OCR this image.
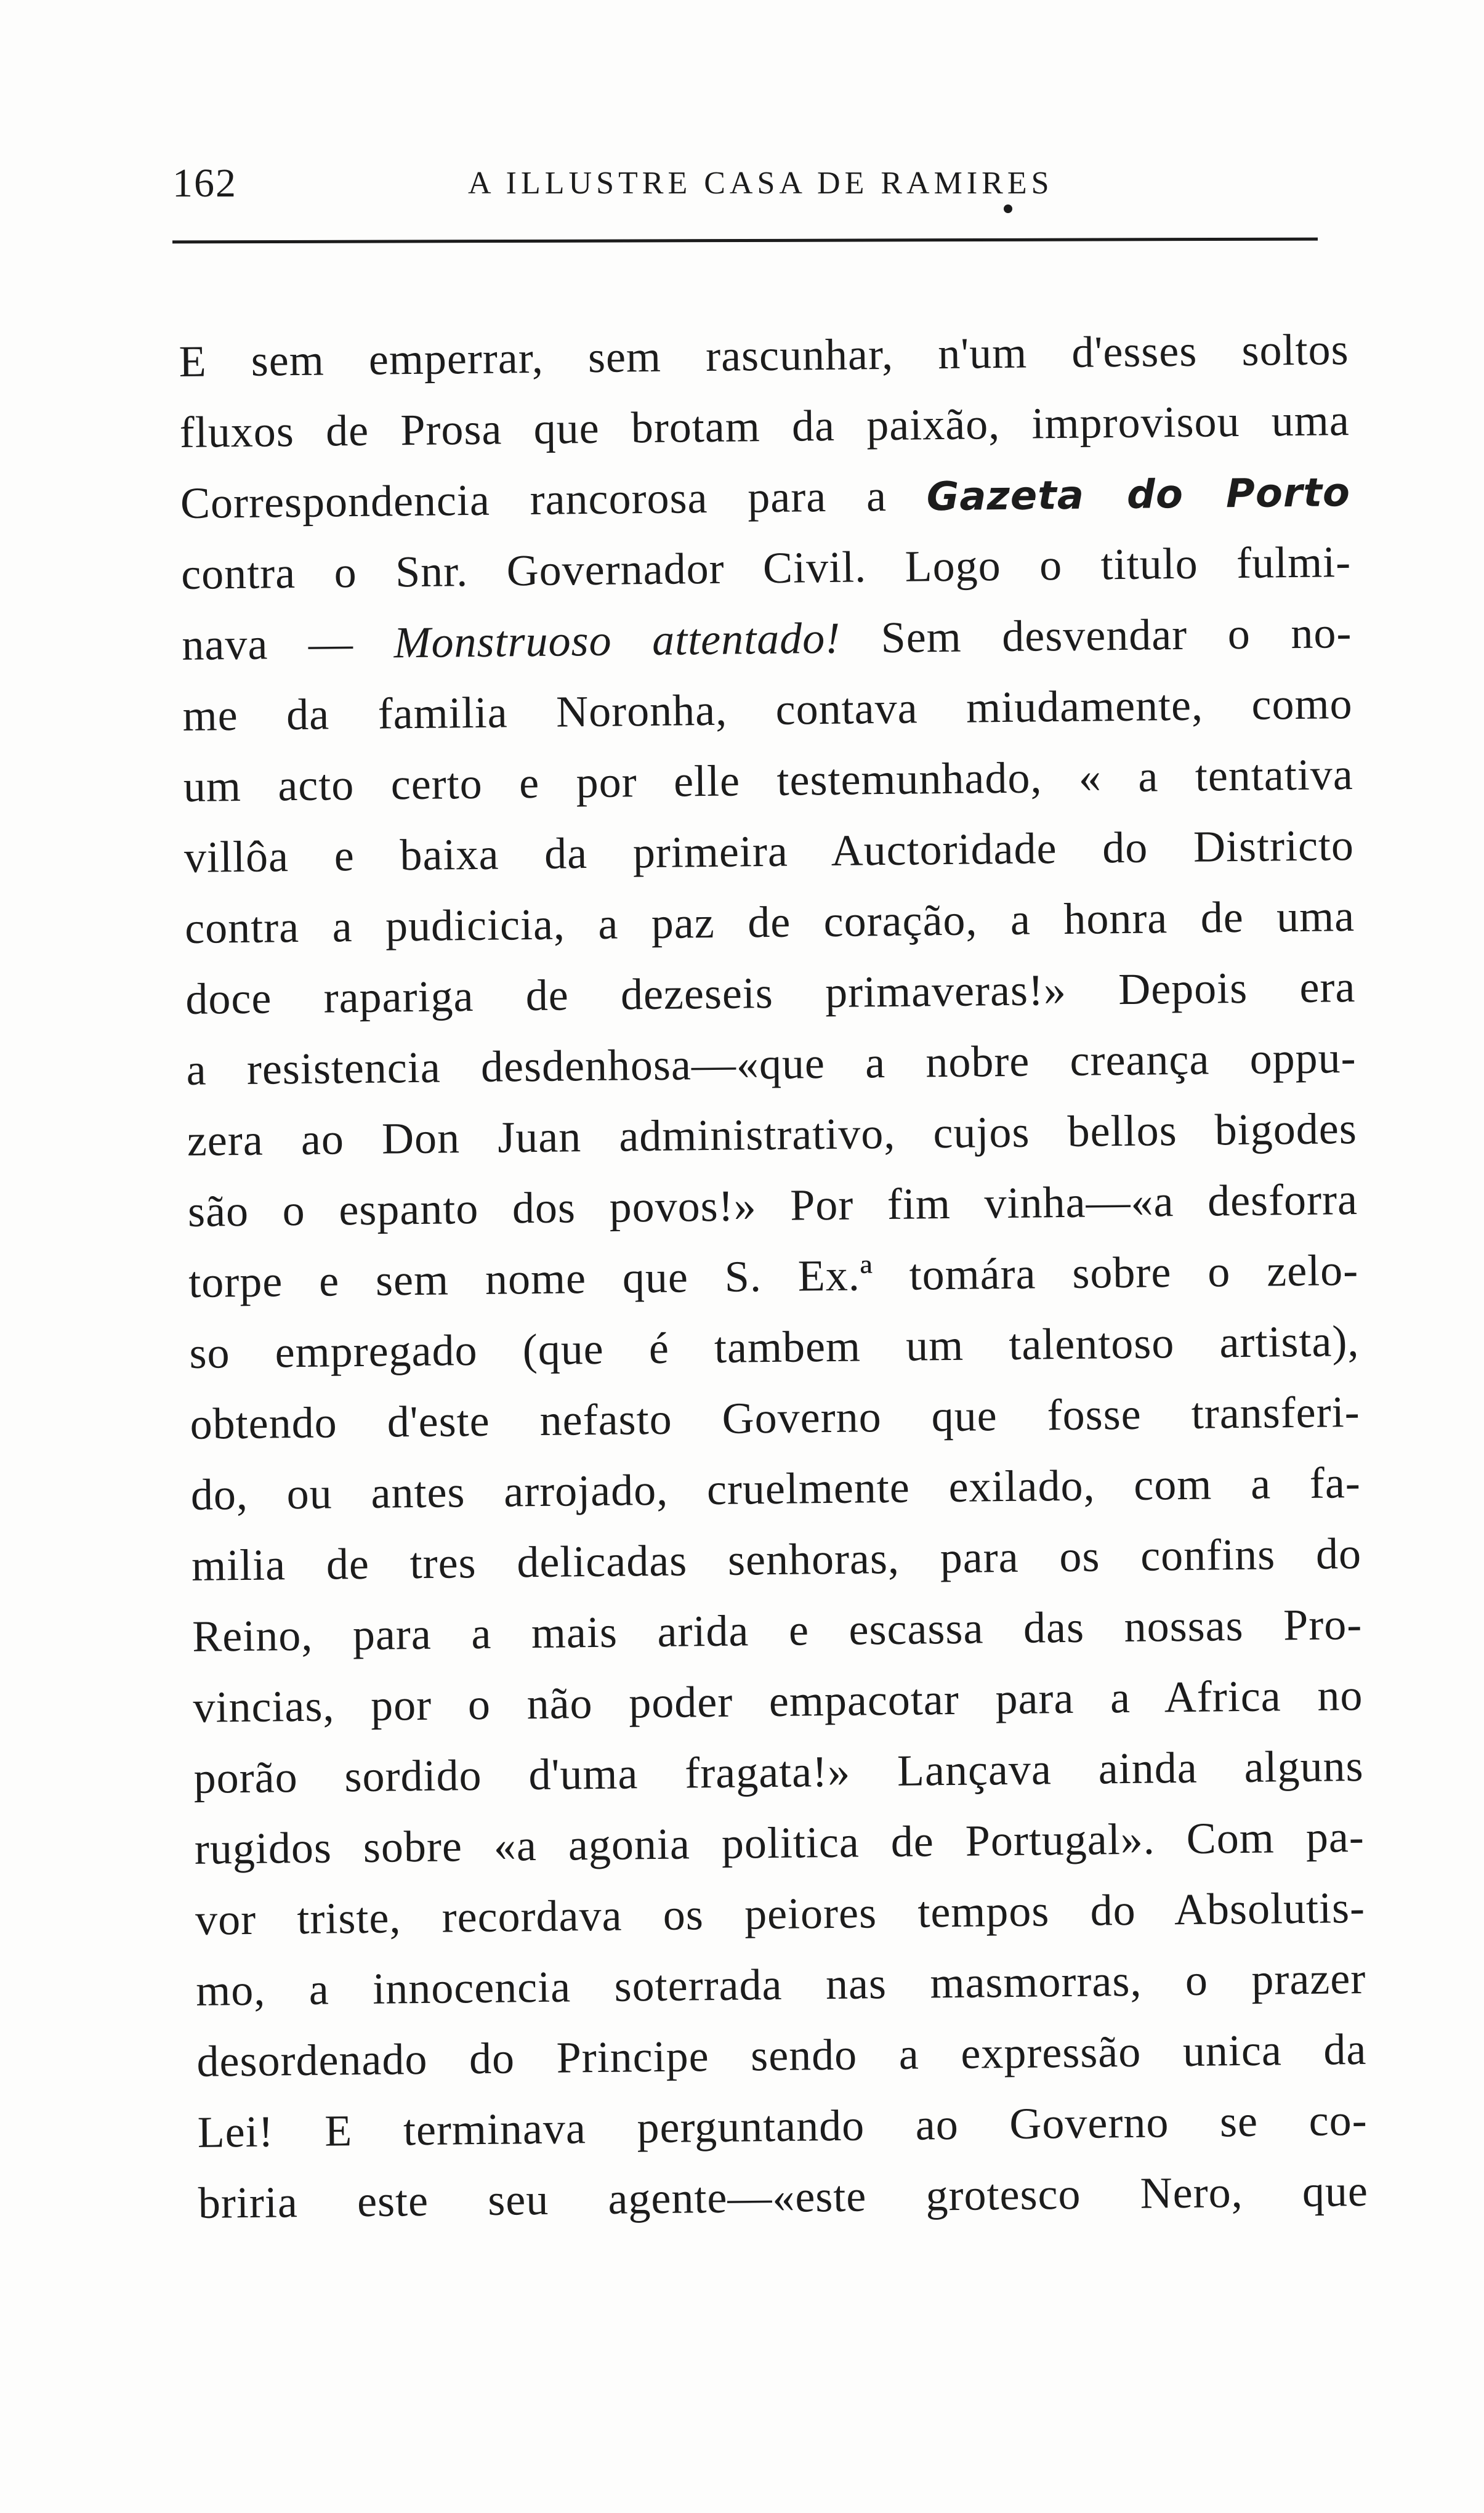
162	A ILLUSTRE CASA DE RAMIRES
E sem emperrar, sem rascunhar, n'um d'esses soltos
fluxos de Prosa que brotam da paixão, improvisou uma
Correspondencia rancorosa para a Gazeta do Porto
contra o Snr. Governador Civil. Logo o titulo fulmi-
nava — Monstruoso attentado! Sem desvendar o no-
me da familia Noronha, contava miudamente, como
um acto certo e por elle testemunhado, « a tentativa
villôa e baixa da primeira Auctoridade do Districto
contra a pudicicia, a paz de coração, a honra de uma
doce rapariga de dezeseis primaveras!» Depois era
a resistencia desdenhosa—«que a nobre creança oppu-
zera ao Don Juan administrativo, cujos bellos bigodes
são o espanto dos povos!» Por fim vinha—«a desforra
torpe e sem nome que S. Ex.ª tomára sobre o zelo-
so empregado (que é tambem um talentoso artista),
obtendo d'este nefasto Governo que fosse transferi-
do, ou antes arrojado, cruelmente exilado, com a fa-
milia de tres delicadas senhoras, para os confins do
Reino, para a mais arida e escassa das nossas Pro-
vincias, por o não poder empacotar para a Africa no
porão sordido d'uma fragata!» Lançava ainda alguns
rugidos sobre «a agonia politica de Portugal». Com pa-
vor triste, recordava os peiores tempos do Absolutis-
mo, a innocencia soterrada nas masmorras, o prazer
desordenado do Principe sendo a expressão unica da
Lei! E terminava perguntando ao Governo se co-
briria este seu agente—«este grotesco Nero, que
